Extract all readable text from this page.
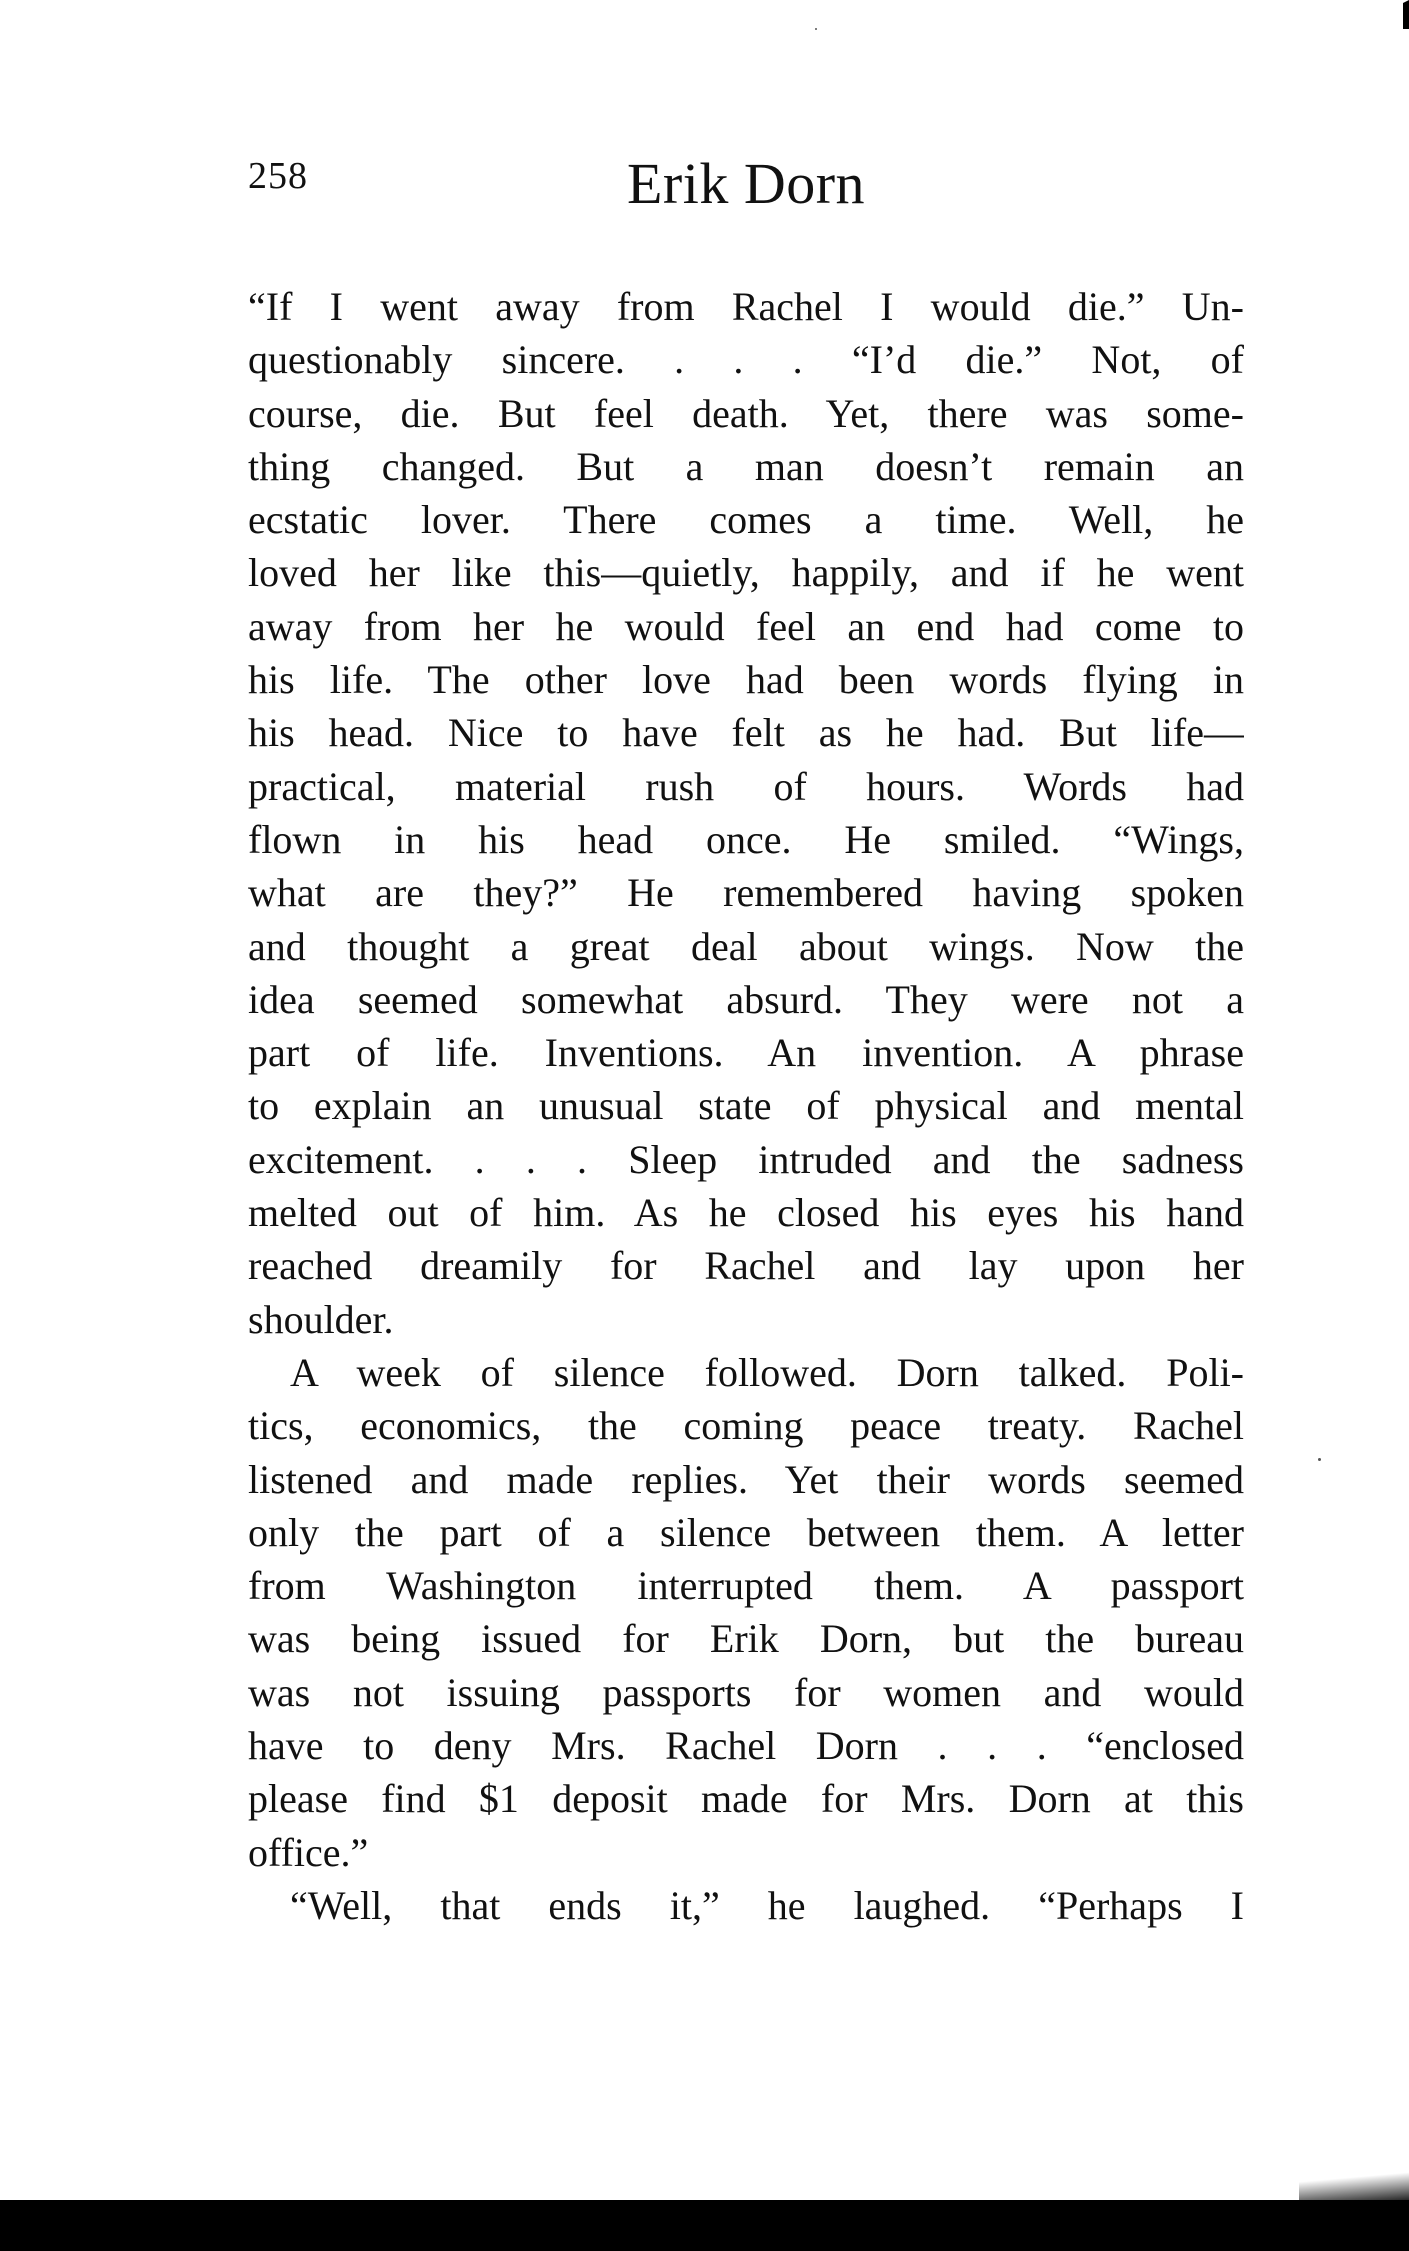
258	Erik Dorn
“If I went away from Rachel I would die.” Un-
questionably sincere. . . . “I’d die.” Not, of
course, die. But feel death. Yet, there was some-
thing changed. But a man doesn’t remain an
ecstatic lover. There comes a time. Well, he
loved her like this—quietly, happily, and if he went
away from her he would feel an end had come to
his life. The other love had been words flying in
his head. Nice to have felt as he had. But life—
practical, material rush of hours. Words had
flown in his head once. He smiled. “Wings,
what are they?” He remembered having spoken
and thought a great deal about wings. Now the
idea seemed somewhat absurd. They were not a
part of life. Inventions. An invention. A phrase
to explain an unusual state of physical and mental
excitement. . . . Sleep intruded and the sadness
melted out of him. As he closed his eyes his hand
reached dreamily for Rachel and lay upon her
shoulder.
A week of silence followed. Dorn talked. Poli-
tics, economics, the coming peace treaty. Rachel
listened and made replies. Yet their words seemed
only the part of a silence between them. A letter
from Washington interrupted them. A passport
was being issued for Erik Dorn, but the bureau
was not issuing passports for women and would
have to deny Mrs. Rachel Dorn . . . “enclosed
please find $1 deposit made for Mrs. Dorn at this
office.”
“Well, that ends it,” he laughed. “Perhaps I
